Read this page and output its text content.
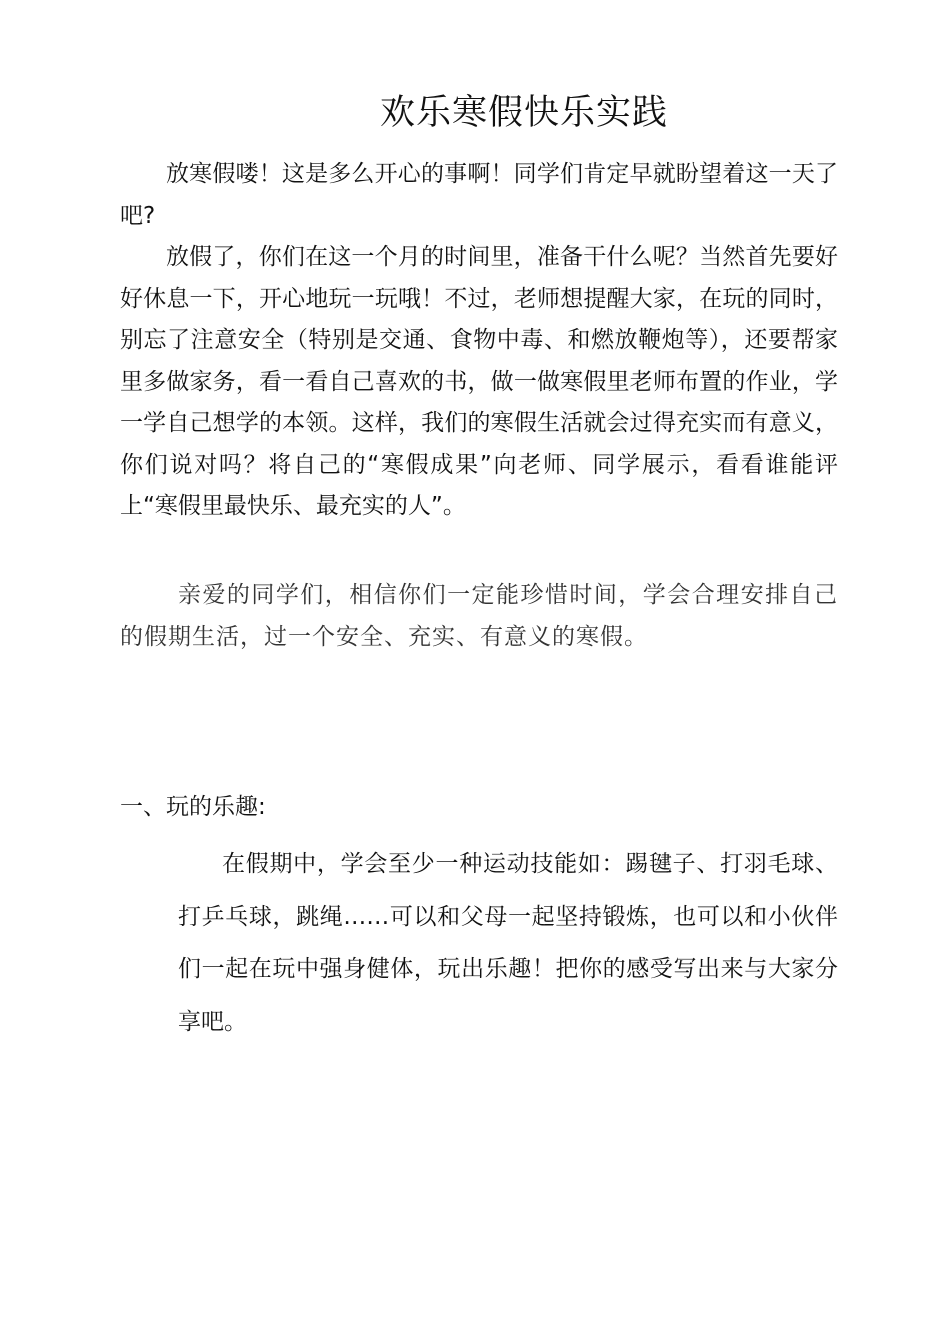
欢乐寒假快乐实践

放寒假喽！这是多么开心的事啊！同学们肯定早就盼望着这一天了吧?

放假了，你们在这一个月的时间里，准备干什么呢？当然首先要好好休息一下，开心地玩一玩哦！不过，老师想提醒大家，在玩的同时，别忘了注意安全（特别是交通、食物中毒、和燃放鞭炮等），还要帮家里多做家务，看一看自己喜欢的书，做一做寒假里老师布置的作业，学一学自己想学的本领。这样，我们的寒假生活就会过得充实而有意义，你们说对吗？将自己的“寒假成果”向老师、同学展示，看看谁能评上“寒假里最快乐、最充实的人”。

亲爱的同学们，相信你们一定能珍惜时间，学会合理安排自己的假期生活，过一个安全、充实、有意义的寒假。

一、玩的乐趣:

在假期中，学会至少一种运动技能如：踢毽子、打羽毛球、打乒乓球，跳绳……可以和父母一起坚持锻炼，也可以和小伙伴们一起在玩中强身健体，玩出乐趣！把你的感受写出来与大家分享吧。
